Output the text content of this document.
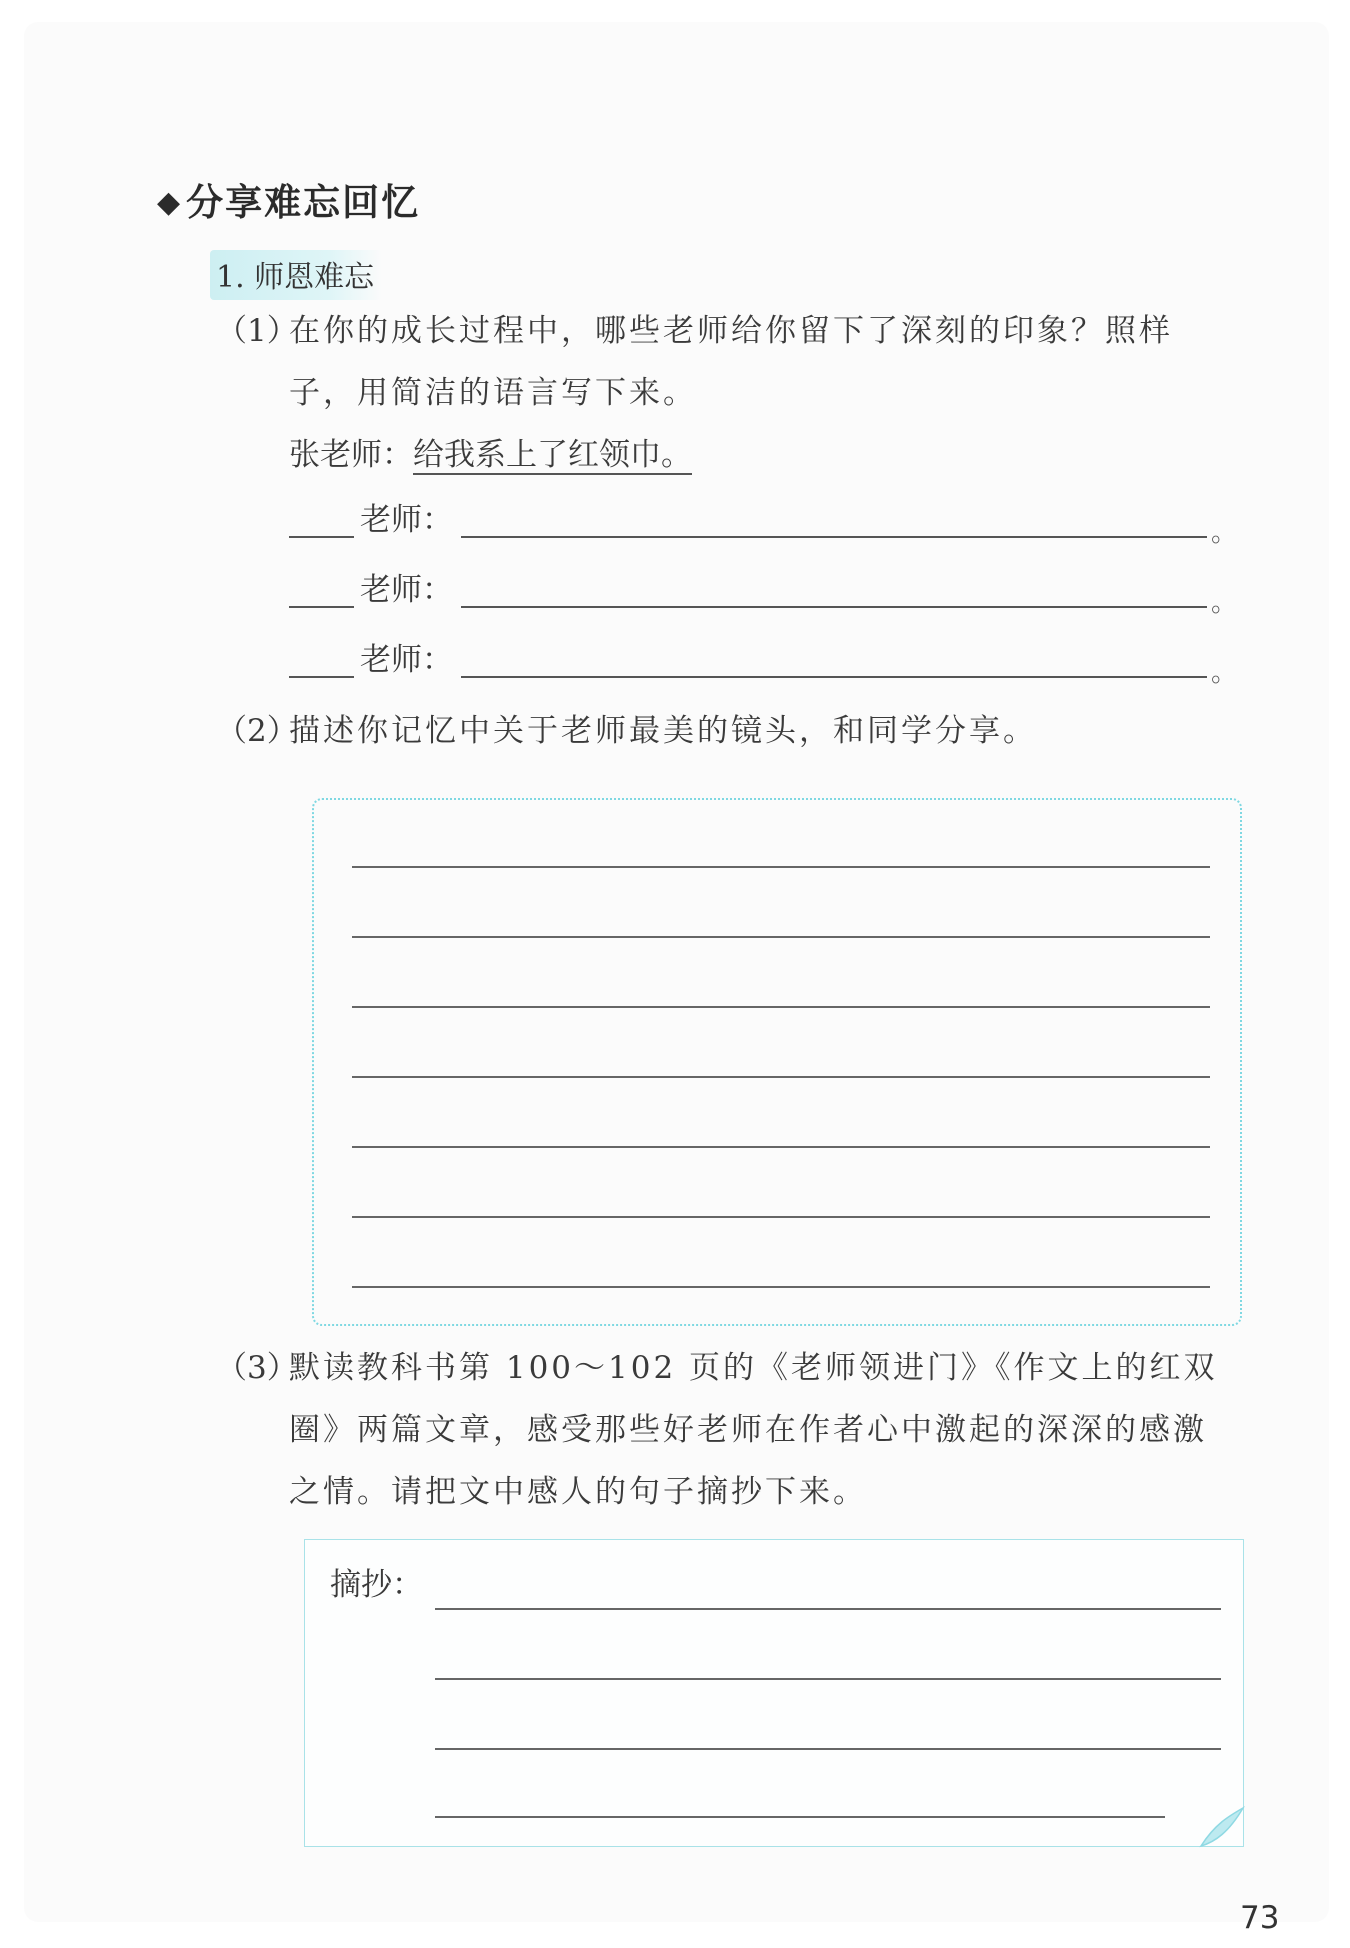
◆ 分享难忘回忆
1. 师恩难忘
（1）
在你的成长过程中，哪些老师给你留下了深刻的印象？照样
子，用简洁的语言写下来。
张老师：给我系上了红领巾。
老师：	。
老师：	。
老师：	。
（2）
描述你记忆中关于老师最美的镜头，和同学分享。
（3）
默读教科书第 100～102 页的《老师领进门》《作文上的红双
圈》两篇文章，感受那些好老师在作者心中激起的深深的感激
之情。请把文中感人的句子摘抄下来。
摘抄：
73
